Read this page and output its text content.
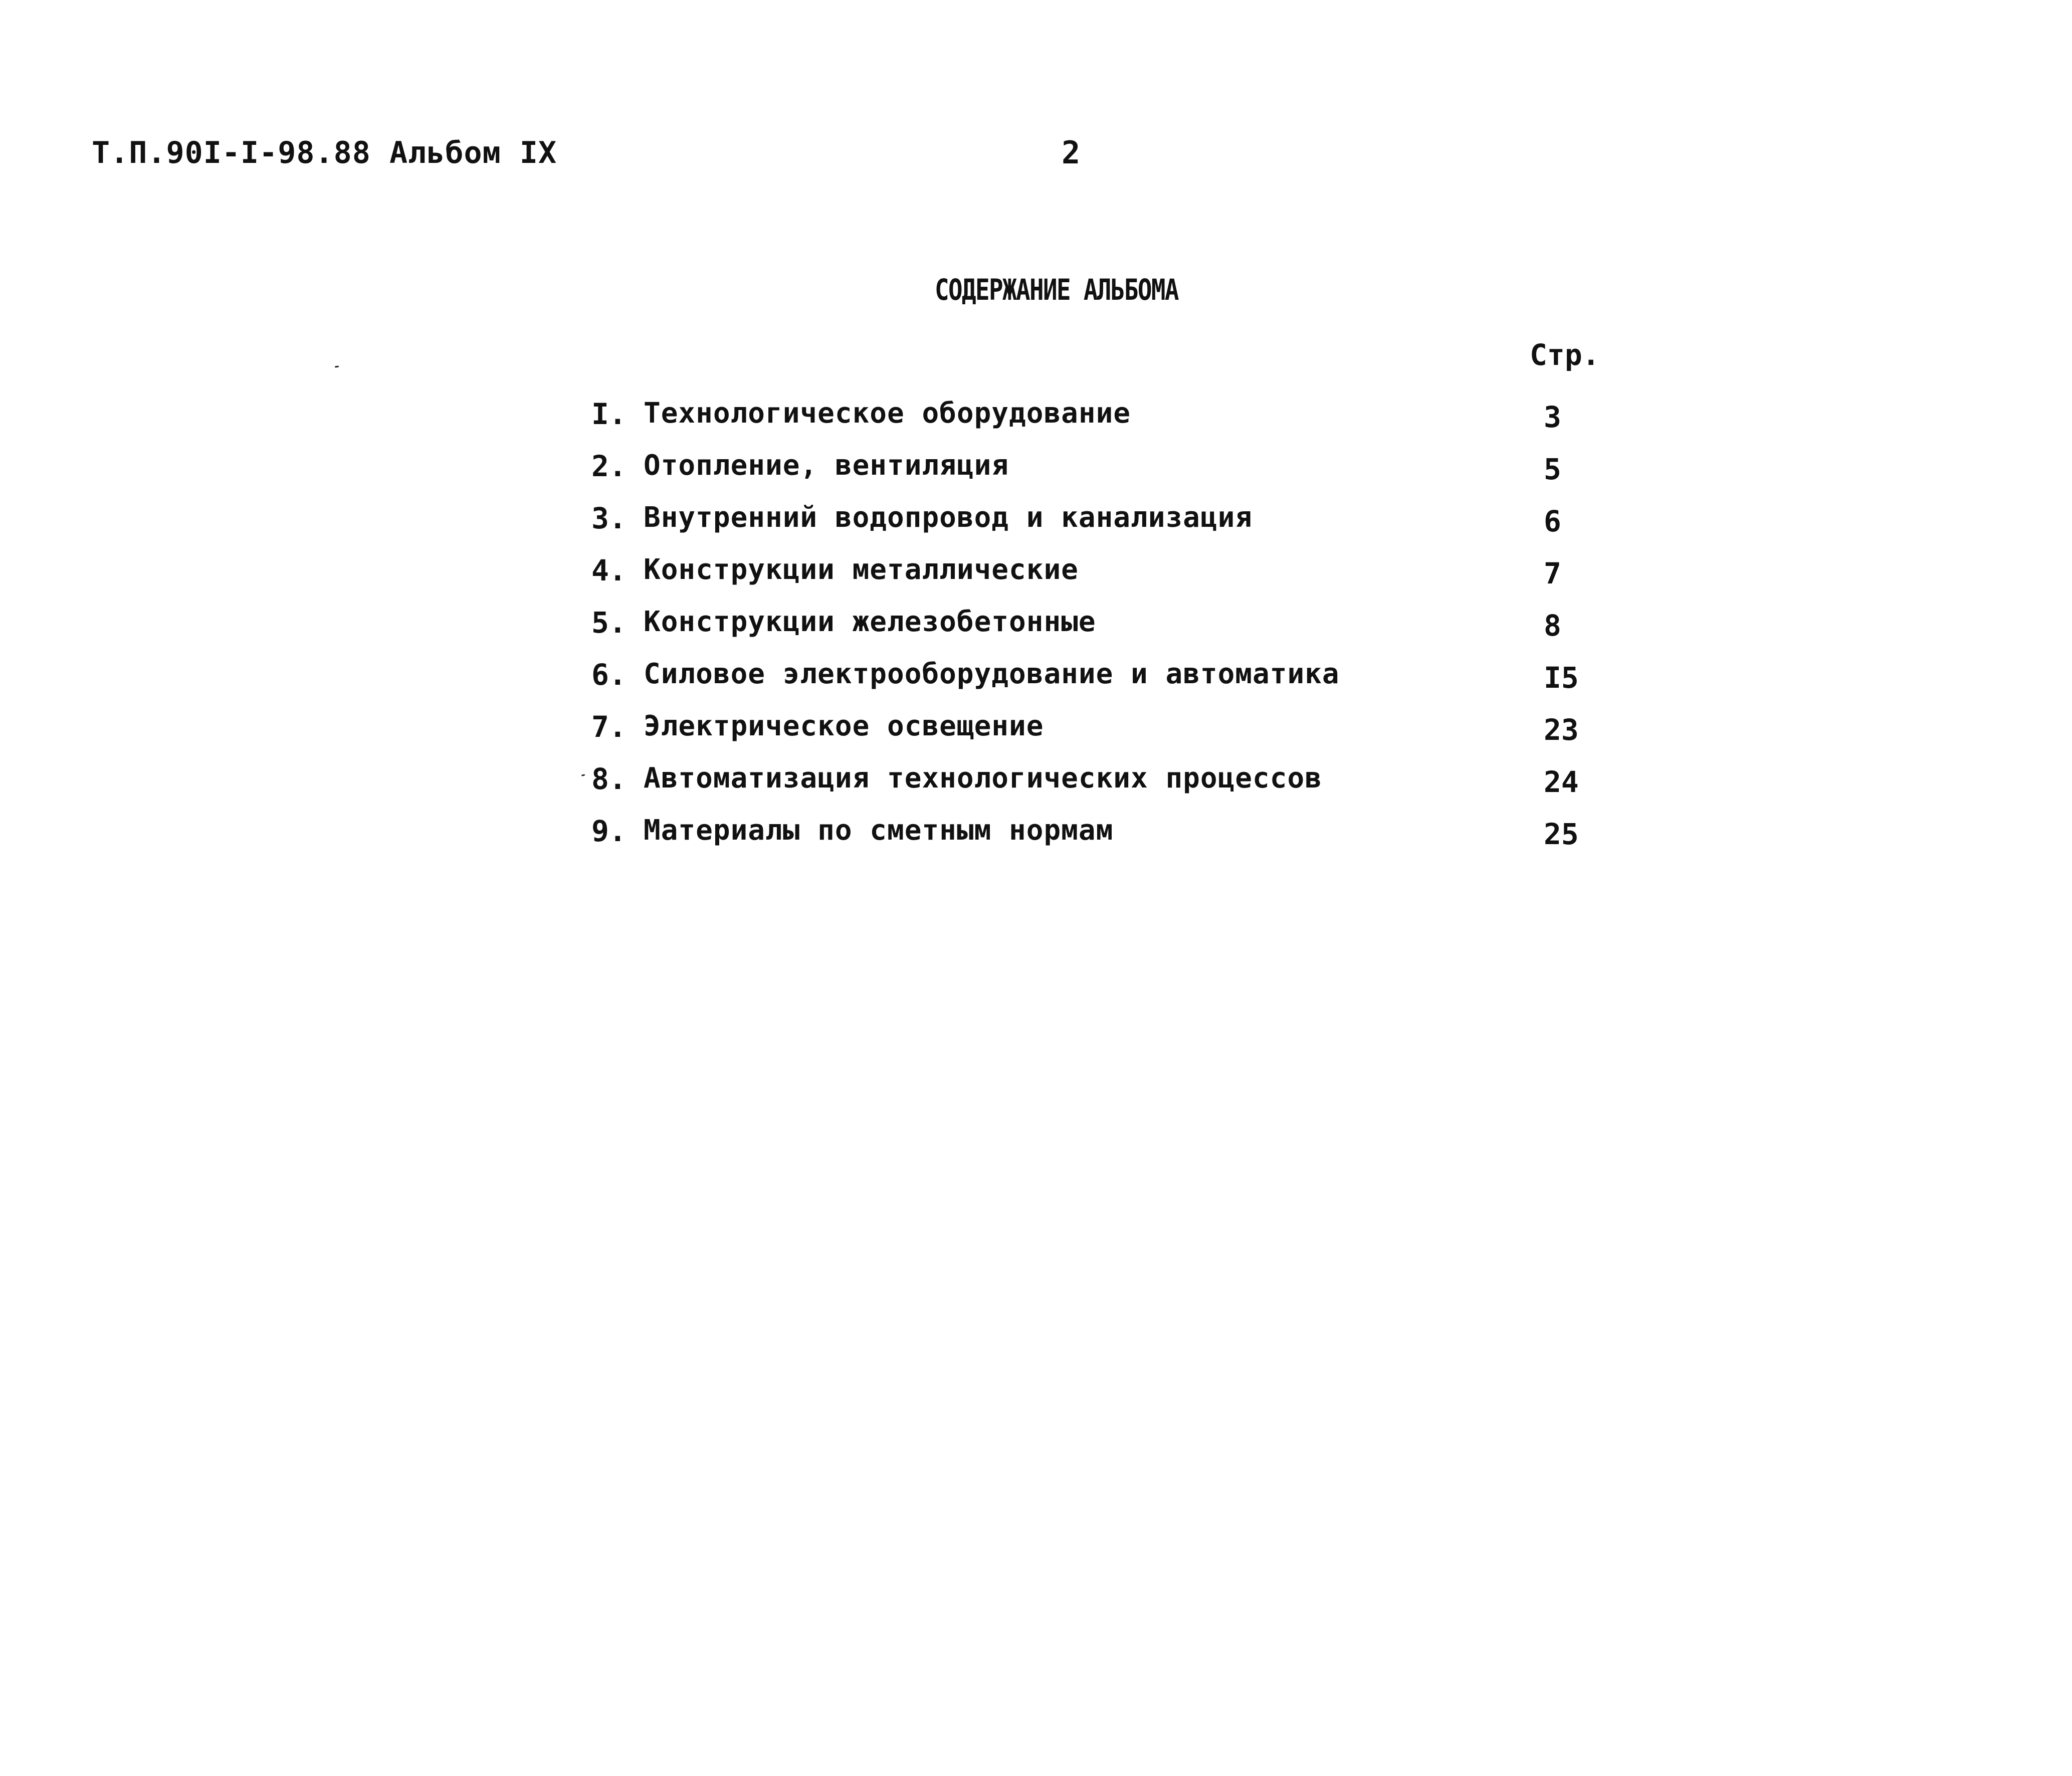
Т.П.90I-I-98.88 Альбом IX	2
СОДЕРЖАНИЕ АЛЬБОМА
Стр.
I. Технологическое оборудование	3
2. Отопление, вентиляция	5
3. Внутренний водопровод и канализация	6
4. Конструкции металлические	7
5. Конструкции железобетонные	8
6. Силовое электрооборудование и автоматика	I5
7. Электрическое освещение	23
8. Автоматизация технологических процессов	24
9. Материалы по сметным нормам	25
